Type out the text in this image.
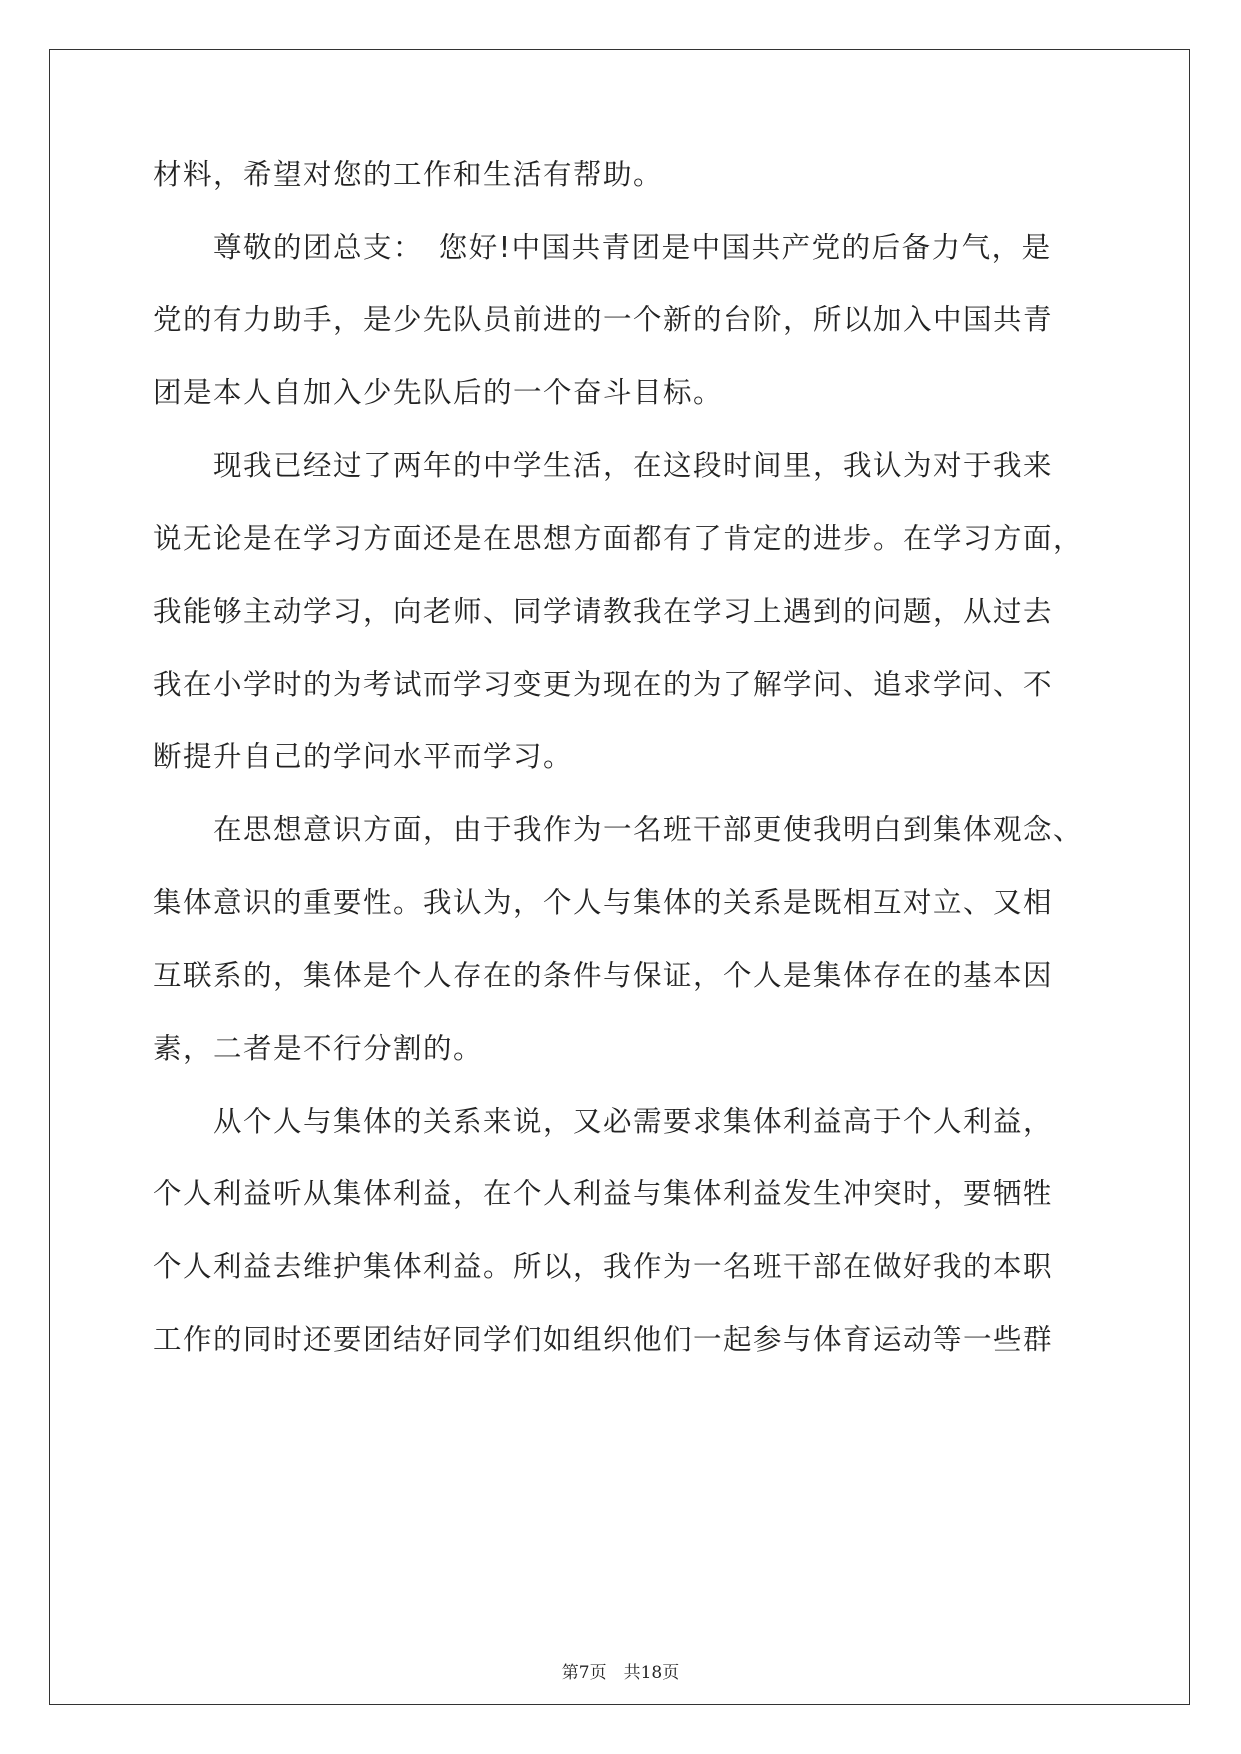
材料，希望对您的工作和生活有帮助。
　　尊敬的团总支：　您好!中国共青团是中国共产党的后备力气，是
党的有力助手，是少先队员前进的一个新的台阶，所以加入中国共青
团是本人自加入少先队后的一个奋斗目标。
　　现我已经过了两年的中学生活，在这段时间里，我认为对于我来
说无论是在学习方面还是在思想方面都有了肯定的进步。在学习方面，
我能够主动学习，向老师、同学请教我在学习上遇到的问题，从过去
我在小学时的为考试而学习变更为现在的为了解学问、追求学问、不
断提升自己的学问水平而学习。
　　在思想意识方面，由于我作为一名班干部更使我明白到集体观念、
集体意识的重要性。我认为，个人与集体的关系是既相互对立、又相
互联系的，集体是个人存在的条件与保证，个人是集体存在的基本因
素，二者是不行分割的。
　　从个人与集体的关系来说，又必需要求集体利益高于个人利益，
个人利益听从集体利益，在个人利益与集体利益发生冲突时，要牺牲
个人利益去维护集体利益。所以，我作为一名班干部在做好我的本职
工作的同时还要团结好同学们如组织他们一起参与体育运动等一些群
第7页　共18页
